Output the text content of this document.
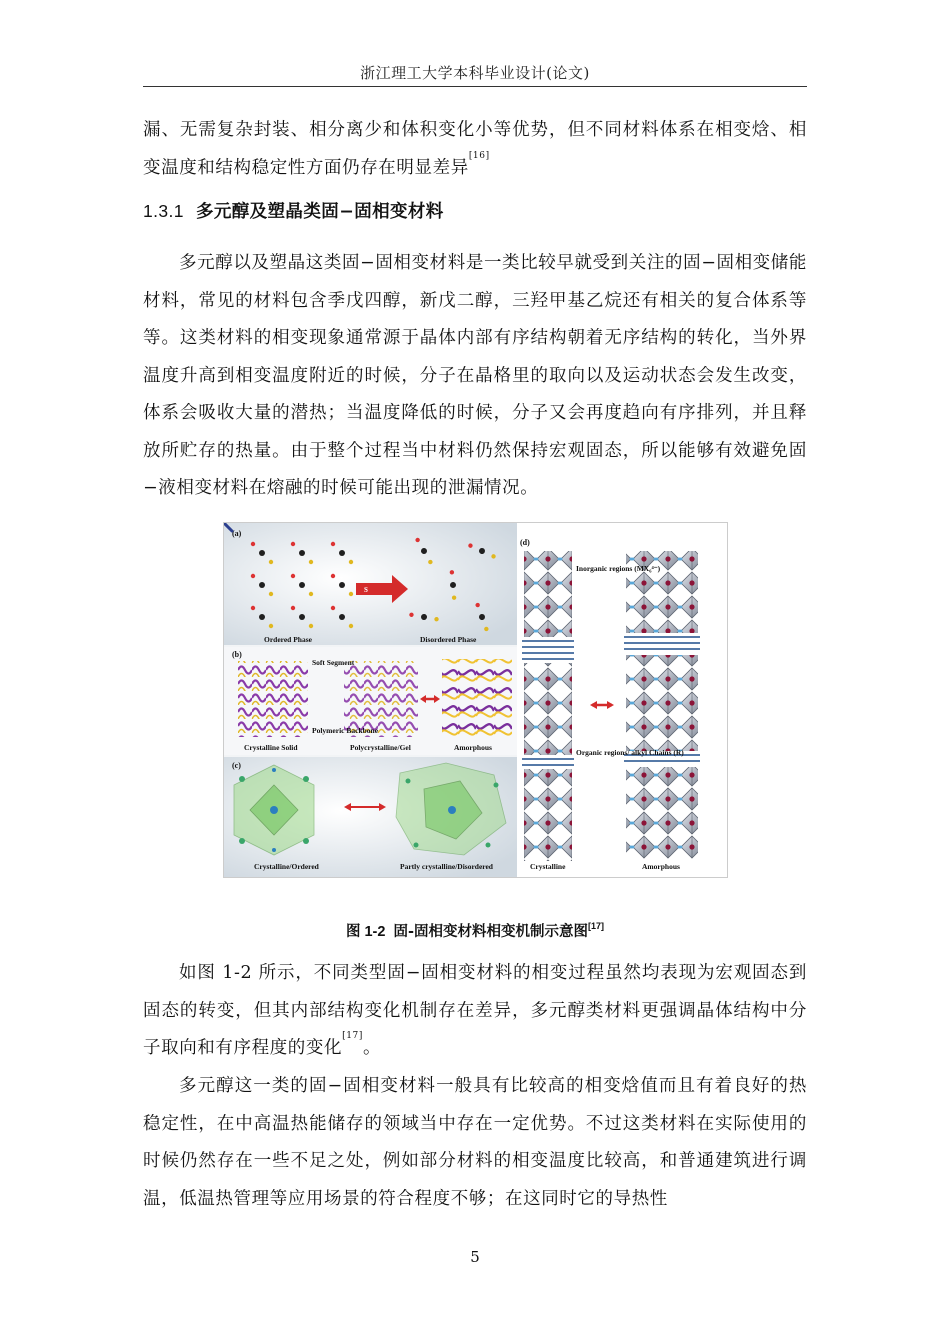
浙江理工大学本科毕业设计(论文)

漏、无需复杂封装、相分离少和体积变化小等优势，但不同材料体系在相变焓、相变温度和结构稳定性方面仍存在明显差异[16]

1.3.1 多元醇及塑晶类固−固相变材料

多元醇以及塑晶这类固−固相变材料是一类比较早就受到关注的固−固相变储能材料，常见的材料包含季戊四醇，新戊二醇，三羟甲基乙烷还有相关的复合体系等等。这类材料的相变现象通常源于晶体内部有序结构朝着无序结构的转化，当外界温度升高到相变温度附近的时候，分子在晶格里的取向以及运动状态会发生改变，体系会吸收大量的潜热；当温度降低的时候，分子又会再度趋向有序排列，并且释放所贮存的热量。由于整个过程当中材料仍然保持宏观固态，所以能够有效避免固−液相变材料在熔融的时候可能出现的泄漏情况。

(a)
S
Ordered Phase	Disordered Phase
(b)
Soft Segment
Polymeric Backbone
Crystalline Solid	Polycrystalline/Gel	Amorphous
(c)
Crystalline/Ordered	Partly crystalline/Disordered
(d)
Inorganic regions (MX₆⁴⁻)
Organic regions/ alkyl Chains (R)
Crystalline	Amorphous
图 1-2 固-固相变材料相变机制示意图[17]

如图 1-2 所示，不同类型固−固相变材料的相变过程虽然均表现为宏观固态到固态的转变，但其内部结构变化机制存在差异，多元醇类材料更强调晶体结构中分子取向和有序程度的变化[17]。

多元醇这一类的固−固相变材料一般具有比较高的相变焓值而且有着良好的热稳定性，在中高温热能储存的领域当中存在一定优势。不过这类材料在实际使用的时候仍然存在一些不足之处，例如部分材料的相变温度比较高，和普通建筑进行调温，低温热管理等应用场景的符合程度不够；在这同时它的导热性

5
